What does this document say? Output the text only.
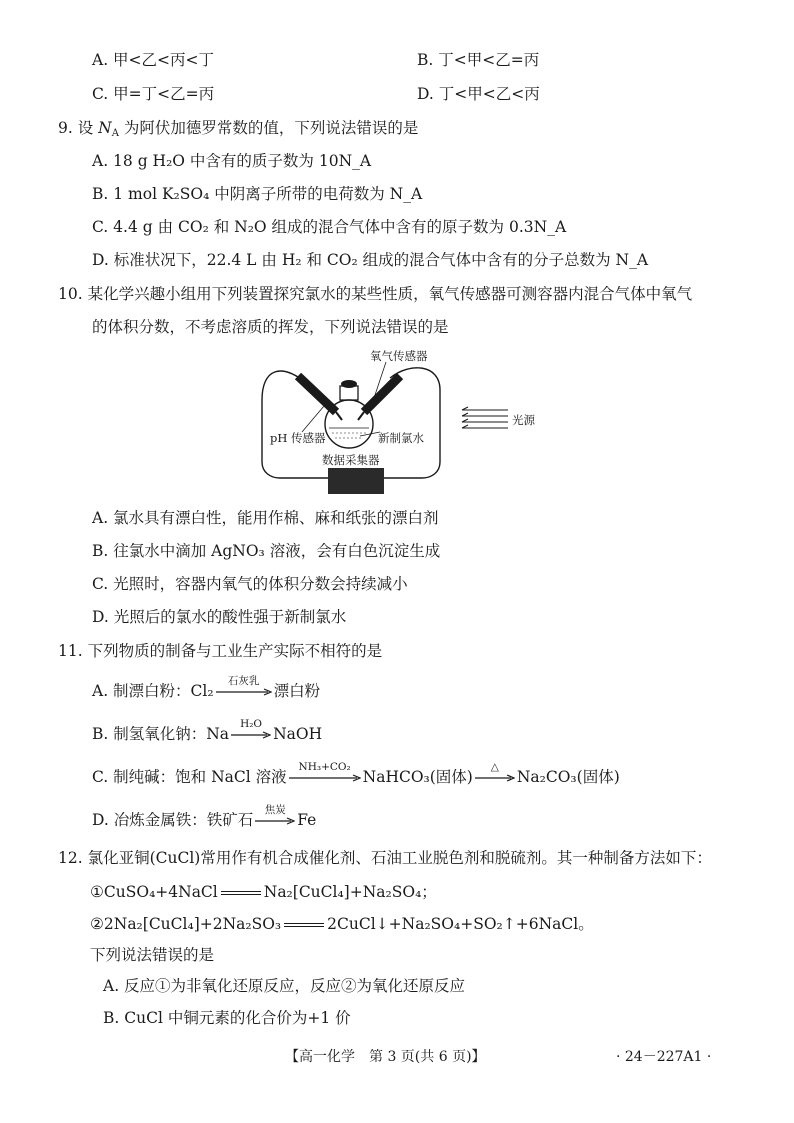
A. 甲<乙<丙<丁	B. 丁<甲<乙=丙
C. 甲=丁<乙=丙	D. 丁<甲<乙<丙
9. 设 $N_A$ 为阿伏加德罗常数的值，下列说法错误的是
A. 18 g H₂O 中含有的质子数为 10N_A
B. 1 mol K₂SO₄ 中阴离子所带的电荷数为 N_A
C. 4.4 g 由 CO₂ 和 N₂O 组成的混合气体中含有的原子数为 0.3N_A
D. 标准状况下，22.4 L 由 H₂ 和 CO₂ 组成的混合气体中含有的分子总数为 N_A
10. 某化学兴趣小组用下列装置探究氯水的某些性质，氧气传感器可测容器内混合气体中氧气
的体积分数，不考虑溶质的挥发，下列说法错误的是
氧气传感器
pH 传感器	新制氯水
光源
数据采集器
A. 氯水具有漂白性，能用作棉、麻和纸张的漂白剂
B. 往氯水中滴加 AgNO₃ 溶液，会有白色沉淀生成
C. 光照时，容器内氧气的体积分数会持续减小
D. 光照后的氯水的酸性强于新制氯水
11. 下列物质的制备与工业生产实际不相符的是
A. 制漂白粉：Cl₂
石灰乳
漂白粉
B. 制氢氧化钠：Na
H₂O
NaOH
C. 制纯碱：饱和 NaCl 溶液
NH₃+CO₂
NaHCO₃(固体)
△
Na₂CO₃(固体)
D. 冶炼金属铁：铁矿石
焦炭
Fe
12. 氯化亚铜(CuCl)常用作有机合成催化剂、石油工业脱色剂和脱硫剂。其一种制备方法如下：
①CuSO₄+4NaCl	Na₂[CuCl₄]+Na₂SO₄；
②2Na₂[CuCl₄]+2Na₂SO₃	2CuCl↓+Na₂SO₄+SO₂↑+6NaCl。
下列说法错误的是
A. 反应①为非氧化还原反应，反应②为氧化还原反应
B. CuCl 中铜元素的化合价为+1 价
【高一化学　第 3 页(共 6 页)】	· 24－227A1 ·
